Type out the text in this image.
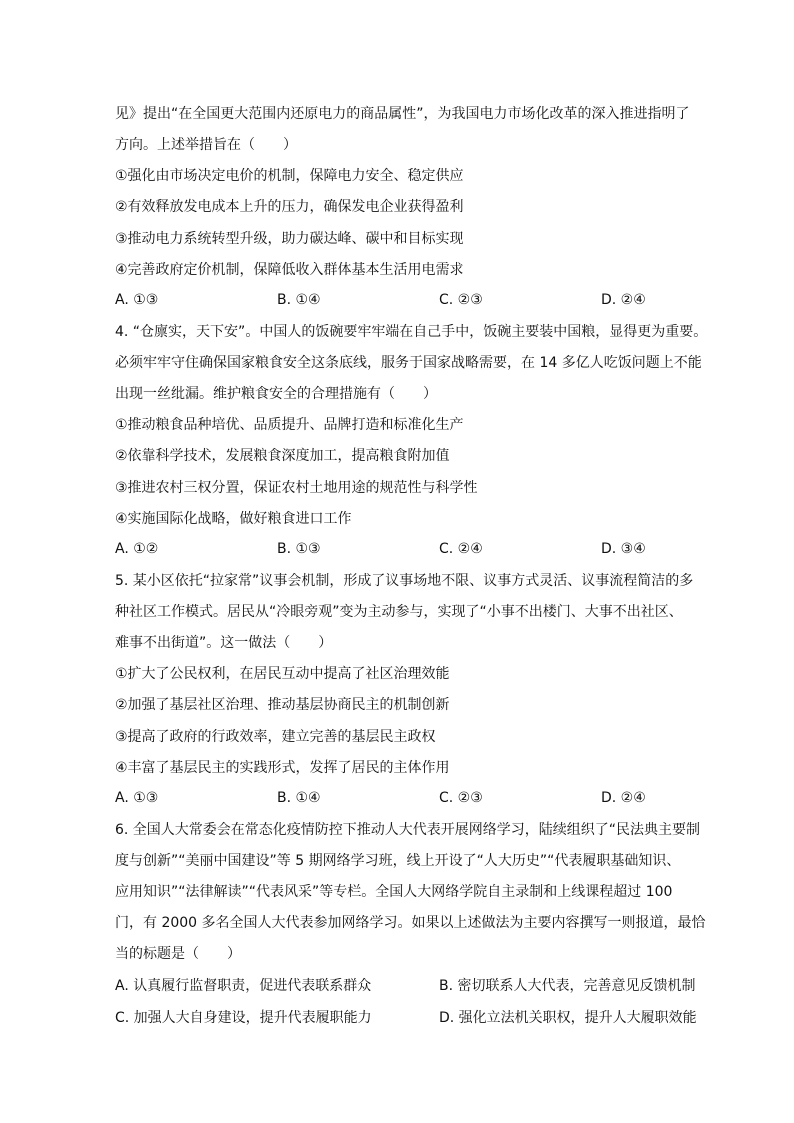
见》提出“在全国更大范围内还原电力的商品属性”，为我国电力市场化改革的深入推进指明了
方向。上述举措旨在（　　）
①强化由市场决定电价的机制，保障电力安全、稳定供应
②有效释放发电成本上升的压力，确保发电企业获得盈利
③推动电力系统转型升级，助力碳达峰、碳中和目标实现
④完善政府定价机制，保障低收入群体基本生活用电需求
A. ①③	B. ①④	C. ②③	D. ②④
4. “仓廪实，天下安”。中国人的饭碗要牢牢端在自己手中，饭碗主要装中国粮，显得更为重要。
必须牢牢守住确保国家粮食安全这条底线，服务于国家战略需要，在 14 多亿人吃饭问题上不能
出现一丝纰漏。维护粮食安全的合理措施有（　　）
①推动粮食品种培优、品质提升、品牌打造和标准化生产
②依靠科学技术，发展粮食深度加工，提高粮食附加值
③推进农村三权分置，保证农村土地用途的规范性与科学性
④实施国际化战略，做好粮食进口工作
A. ①②	B. ①③	C. ②④	D. ③④
5. 某小区依托“拉家常”议事会机制，形成了议事场地不限、议事方式灵活、议事流程简洁的多
种社区工作模式。居民从“冷眼旁观”变为主动参与，实现了“小事不出楼门、大事不出社区、
难事不出街道”。这一做法（　　）
①扩大了公民权利，在居民互动中提高了社区治理效能
②加强了基层社区治理、推动基层协商民主的机制创新
③提高了政府的行政效率，建立完善的基层民主政权
④丰富了基层民主的实践形式，发挥了居民的主体作用
A. ①③	B. ①④	C. ②③	D. ②④
6. 全国人大常委会在常态化疫情防控下推动人大代表开展网络学习，陆续组织了“民法典主要制
度与创新”“美丽中国建设”等 5 期网络学习班，线上开设了“人大历史”“代表履职基础知识、
应用知识”“法律解读”“代表风采”等专栏。全国人大网络学院自主录制和上线课程超过 100
门，有 2000 多名全国人大代表参加网络学习。如果以上述做法为主要内容撰写一则报道，最恰
当的标题是（　　）
A. 认真履行监督职责，促进代表联系群众	B. 密切联系人大代表，完善意见反馈机制
C. 加强人大自身建设，提升代表履职能力	D. 强化立法机关职权，提升人大履职效能
